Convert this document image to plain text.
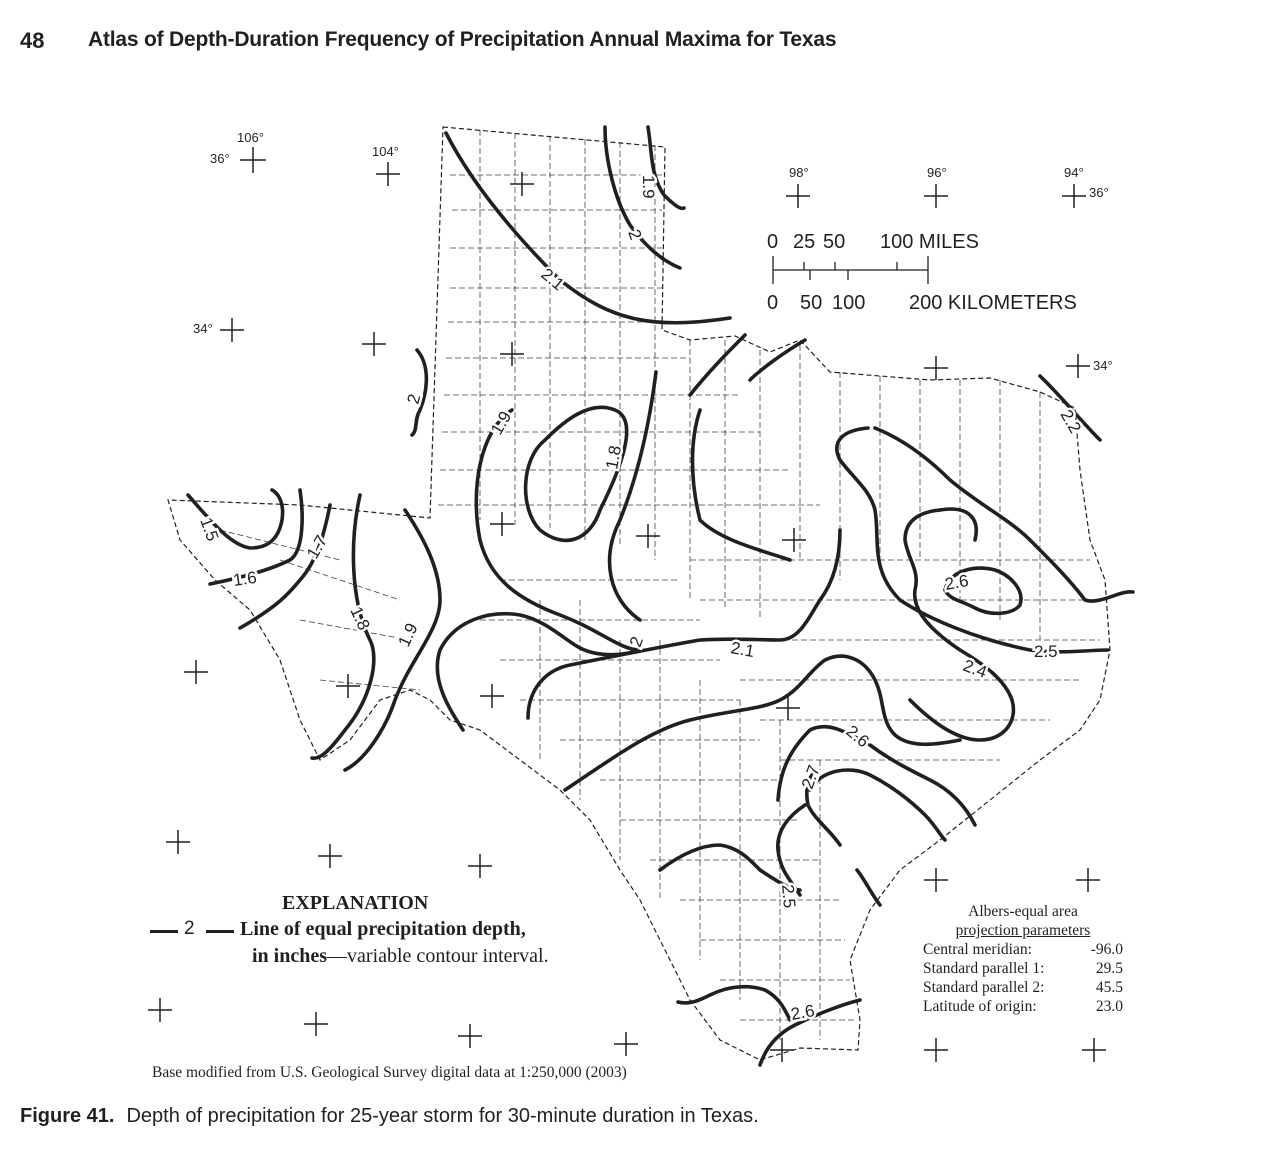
48 Atlas of Depth-Duration Frequency of Precipitation Annual Maxima for Texas
106°
104°
98°	96°	94°
36°
34°
36°
34°
0 25 50 100 MILES
0 50 100 200 KILOMETERS
1.9
2
2.1
2
1.9
1.8
1.5
1.6
1.7
1.8
1.9	2	2.1
2.2
2.6
2.5
2.4
2.6
2.7
2.5
2.6
EXPLANATION
2 Line of equal precipitation depth,
in inches—variable contour interval.
Albers-equal area
projection parameters
Central meridian:	-96.0
Standard parallel 1:	29.5
Standard parallel 2:	45.5
Latitude of origin:	23.0
Base modified from U.S. Geological Survey digital data at 1:250,000 (2003)
Figure 41. Depth of precipitation for 25-year storm for 30-minute duration in Texas.
